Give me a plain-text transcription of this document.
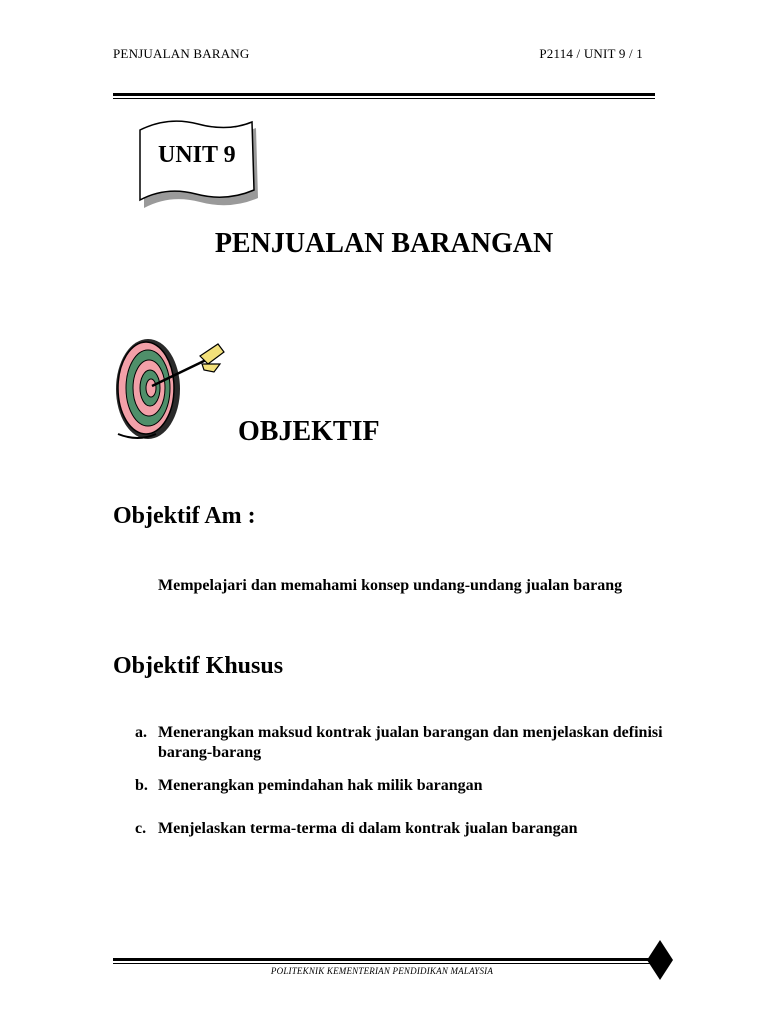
PENJUALAN BARANG	P2114 / UNIT 9 / 1
UNIT 9
PENJUALAN BARANGAN
OBJEKTIF
Objektif Am :
Mempelajari dan memahami konsep undang-undang jualan barang
Objektif Khusus
a. Menerangkan maksud kontrak jualan barangan dan menjelaskan definisi barang-barang
b. Menerangkan pemindahan hak milik barangan
c. Menjelaskan terma-terma di dalam kontrak jualan barangan
POLITEKNIK KEMENTERIAN PENDIDIKAN MALAYSIA
